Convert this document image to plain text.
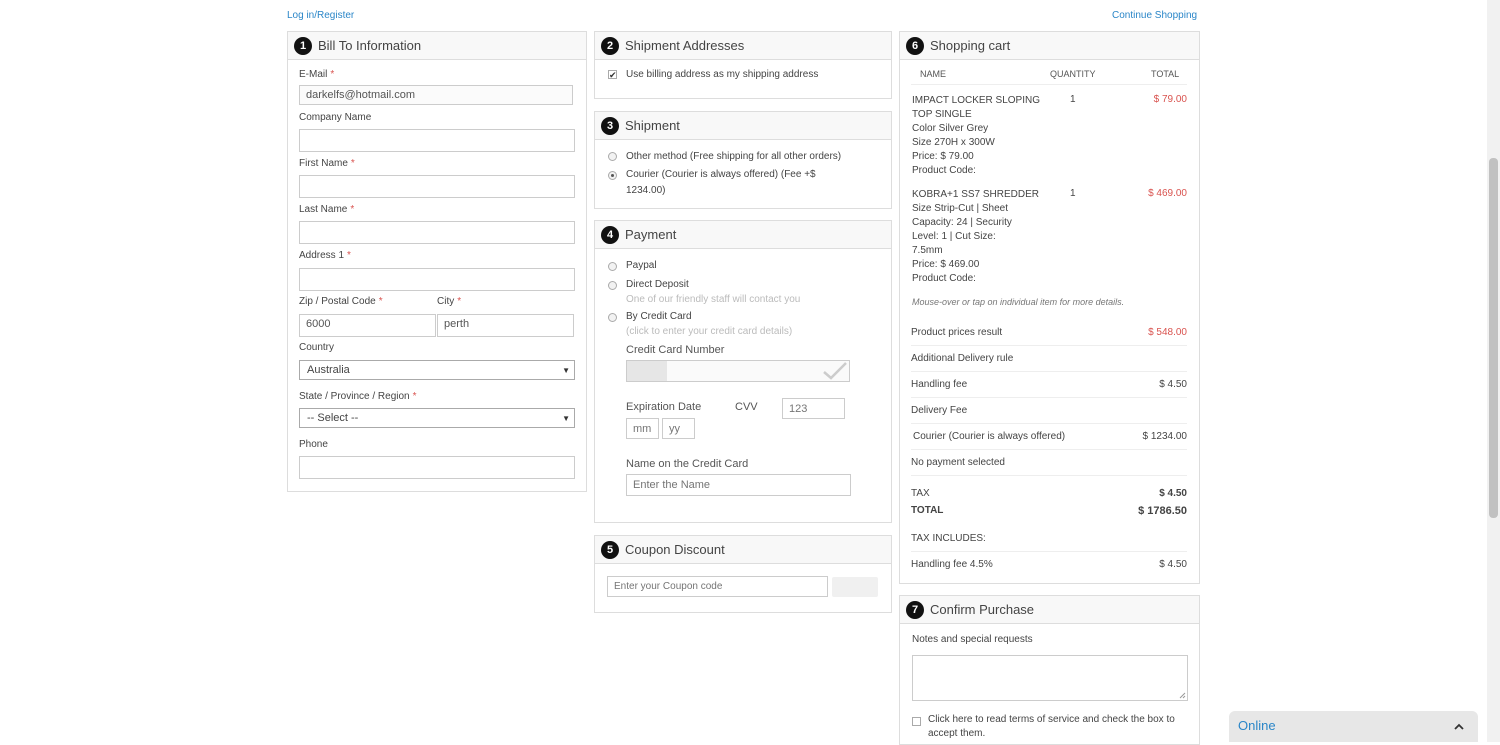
Log in/Register	Continue Shopping
1 Bill To Information
E-Mail *
darkelfs@hotmail.com
Company Name
First Name *
Last Name *
Address 1 *
Zip / Postal Code *	City *
6000	perth
Country
Australia	▼
State / Province / Region *
-- Select --	▼
Phone
2 Shipment Addresses
✔ Use billing address as my shipping address
3 Shipment
Other method (Free shipping for all other orders)
Courier (Courier is always offered) (Fee +$
1234.00)
4 Payment
Paypal
Direct Deposit
One of our friendly staff will contact you
By Credit Card
(click to enter your credit card details)
Credit Card Number
Expiration Date	CVV
123
mm
yy
Name on the Credit Card
Enter the Name
5 Coupon Discount
Enter your Coupon code
6 Shopping cart
NAME	QUANTITY	TOTAL
IMPACT LOCKER SLOPING
TOP SINGLE
Color Silver Grey
Size 270H x 300W
Price: $ 79.00
Product Code:
1	$ 79.00
KOBRA+1 SS7 SHREDDER
Size Strip-Cut | Sheet
Capacity: 24 | Security
Level: 1 | Cut Size:
7.5mm
Price: $ 469.00
Product Code:
1	$ 469.00
Mouse-over or tap on individual item for more details.
Product prices result	$ 548.00
Additional Delivery rule
Handling fee	$ 4.50
Delivery Fee
Courier (Courier is always offered)	$ 1234.00
No payment selected
TAX	$ 4.50
TOTAL	$ 1786.50
TAX INCLUDES:
Handling fee 4.5%	$ 4.50
7 Confirm Purchase
Notes and special requests
Click here to read terms of service and check the box to
accept them.
Online
